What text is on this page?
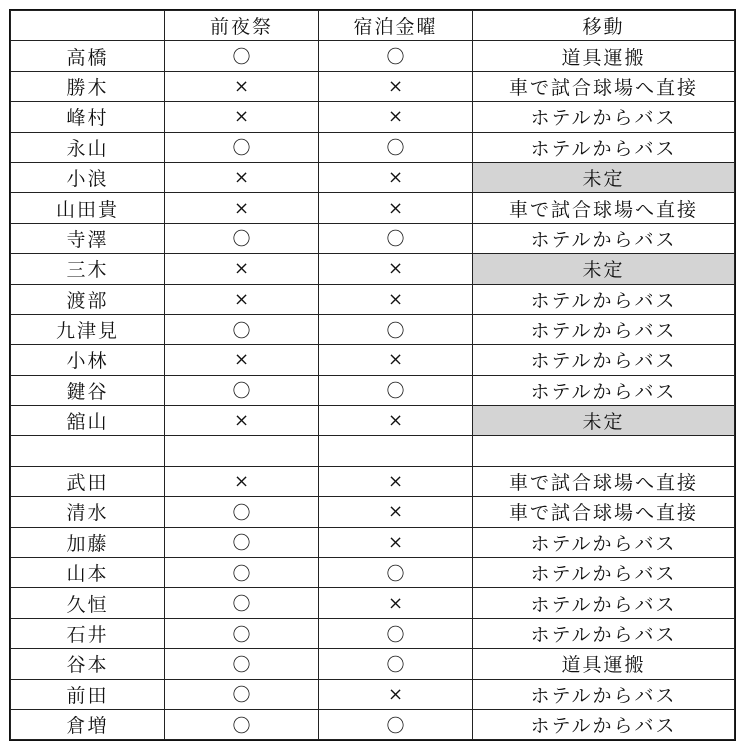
	前夜祭	宿泊金曜	移動
高橋	〇	〇	道具運搬
勝木	×	×	車で試合球場へ直接
峰村	×	×	ホテルからバス
永山	〇	〇	ホテルからバス
小浪	×	×	未定
山田貴	×	×	車で試合球場へ直接
寺澤	〇	〇	ホテルからバス
三木	×	×	未定
渡部	×	×	ホテルからバス
九津見	〇	〇	ホテルからバス
小林	×	×	ホテルからバス
鍵谷	〇	〇	ホテルからバス
舘山	×	×	未定

武田	×	×	車で試合球場へ直接
清水	〇	×	車で試合球場へ直接
加藤	〇	×	ホテルからバス
山本	〇	〇	ホテルからバス
久恒	〇	×	ホテルからバス
石井	〇	〇	ホテルからバス
谷本	〇	〇	道具運搬
前田	〇	×	ホテルからバス
倉増	〇	〇	ホテルからバス
